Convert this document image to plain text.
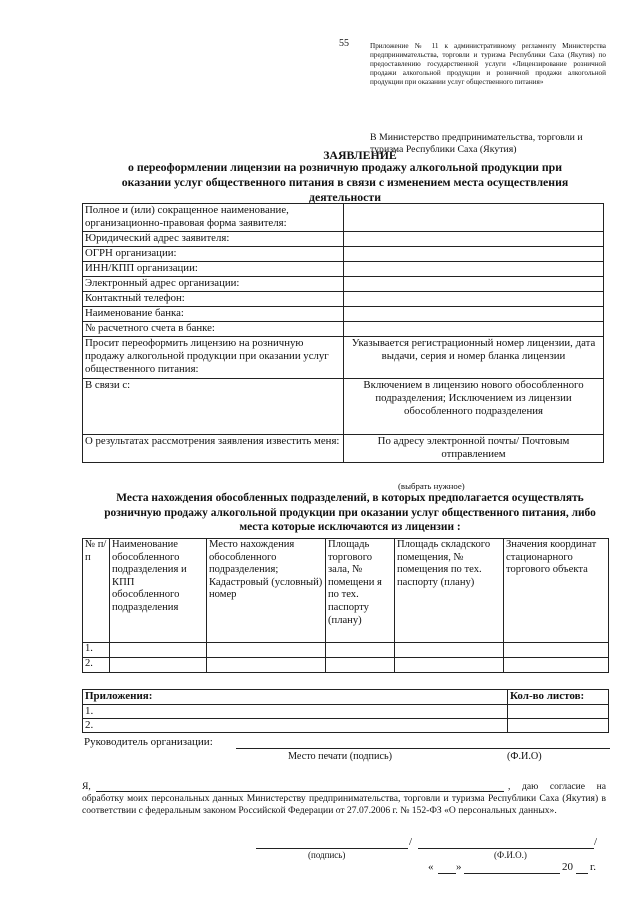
55	Приложение № 11 к административному регламенту Министерства предпринимательства, торговли и туризма Республики Саха (Якутия) по предоставлению государственной услуги «Лицензирование розничной продажи алкогольной продукции и розничной продажи алкогольной продукции при оказании услуг общественного питания»
В Министерство предпринимательства, торговли и туризма Республики Саха (Якутия)
ЗАЯВЛЕНИЕ
о переоформлении лицензии на розничную продажу алкогольной продукции при
оказании услуг общественного питания в связи с изменением места осуществления
деятельности
Полное и (или) сокращенное наименование, организационно-правовая форма заявителя:	
Юридический адрес заявителя:	
ОГРН организации:	
ИНН/КПП организации:	
Электронный адрес организации:	
Контактный телефон:	
Наименование банка:	
№ расчетного счета в банке:	
Просит переоформить лицензию на розничную продажу алкогольной продукции при оказании услуг общественного питания:	Указывается регистрационный номер лицензии, дата выдачи, серия и номер бланка лицензии
В связи с:	Включением в лицензию нового обособленного подразделения; Исключением из лицензии обособленного подразделения
О результатах рассмотрения заявления известить меня:	По адресу электронной почты/ Почтовым отправлением
(выбрать нужное)
Места нахождения обособленных подразделений, в которых предполагается осуществлять розничную продажу алкогольной продукции при оказании услуг общественного питания, либо места которые исключаются из лицензии :
№ п/п	Наименование обособленного подразделения и КПП обособленного подразделения	Место нахождения обособленного подразделения; Кадастровый (условный) номер	Площадь торгового зала, № помещени я по тех. паспорту (плану)	Площадь складского помещения, № помещения по тех. паспорту (плану)	Значения координат стационарного торгового объекта
1.					
2.					
Приложения:	Кол-во листов:
1.	
2.	
Руководитель организации:
Место печати (подпись)	(Ф.И.О)
Я,	, даю согласие на обработку моих персональных данных Министерству предпринимательства, торговли и туризма Республики Саха (Якутия) в соответствии с федеральным законом Российской Федерации от 27.07.2006 г. № 152-ФЗ «О персональных данных».
/	/
(подпись)	(Ф.И.О.)
« »	20 г.
